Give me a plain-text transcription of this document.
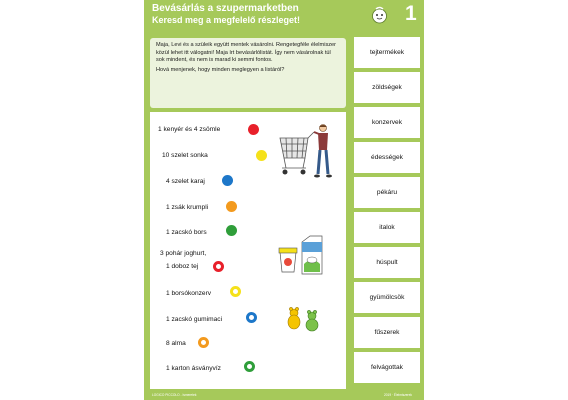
Bevásárlás a szupermarketben
Keresd meg a megfelelő részleget!	1

Maja, Levi és a szüleik együtt mentek vásárolni. Rengetegféle élelmiszer közül lehet itt válogatni! Maja írt bevásárlólistát. Így nem vásárolnak túl sok mindent, és nem is marad ki semmi fontos.

Hová menjenek, hogy minden meglegyen a listáról?

1 kenyér és 4 zsömle
10 szelet sonka
4 szelet karaj
1 zsák krumpli
1 zacskó bors
3 pohár joghurt,
1 doboz tej
1 borsókonzerv
1 zacskó gumimaci
8 alma
1 karton ásványvíz
tejtermékek
zöldségek
konzervek
édességek
pékáru
italok
húspult
gyümölcsök
fűszerek
felvágottak
LOGICO PICCOLO - Ismeretek	2019 · Élelmiszerek
